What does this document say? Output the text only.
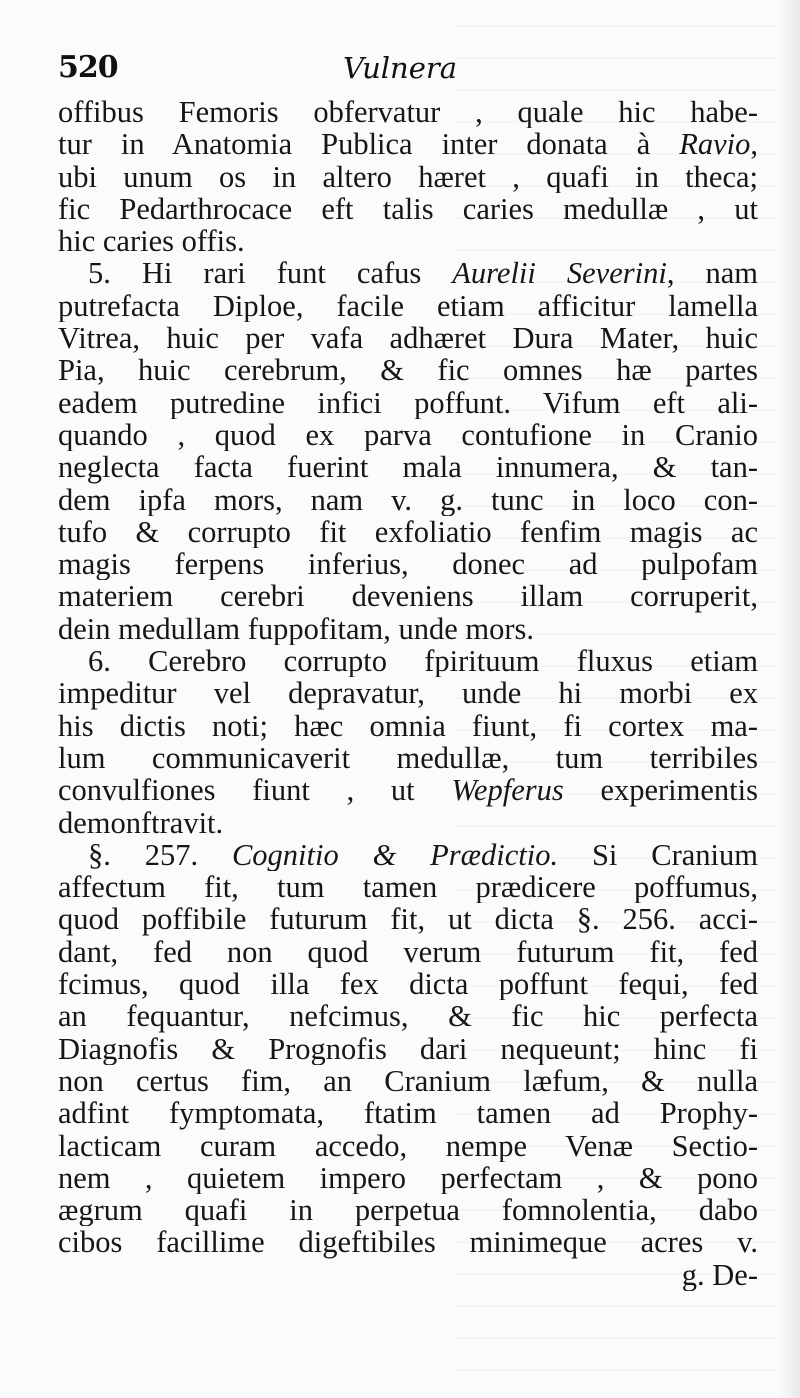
520	Vulnera
offibus Femoris obfervatur , quale hic habe-
tur in Anatomia Publica inter donata à Ravio,
ubi unum os in altero hæret , quafi in theca;
fic Pedarthrocace eft talis caries medullæ , ut
hic caries offis.
5. Hi rari funt cafus Aurelii Severini, nam
putrefacta Diploe, facile etiam afficitur lamella
Vitrea, huic per vafa adhæret Dura Mater, huic
Pia, huic cerebrum, & fic omnes hæ partes
eadem putredine infici poffunt. Vifum eft ali-
quando , quod ex parva contufione in Cranio
neglecta facta fuerint mala innumera, & tan-
dem ipfa mors, nam v. g. tunc in loco con-
tufo & corrupto fit exfoliatio fenfim magis ac
magis ferpens inferius, donec ad pulpofam
materiem cerebri deveniens illam corruperit,
dein medullam fuppofitam, unde mors.
6. Cerebro corrupto fpirituum fluxus etiam
impeditur vel depravatur, unde hi morbi ex
his dictis noti; hæc omnia fiunt, fi cortex ma-
lum communicaverit medullæ, tum terribiles
convulfiones fiunt , ut Wepferus experimentis
demonftravit.
§. 257. Cognitio & Prædictio. Si Cranium
affectum fit, tum tamen prædicere poffumus,
quod poffibile futurum fit, ut dicta §. 256. acci-
dant, fed non quod verum futurum fit, fed
fcimus, quod illa fex dicta poffunt fequi, fed
an fequantur, nefcimus, & fic hic perfecta
Diagnofis & Prognofis dari nequeunt; hinc fi
non certus fim, an Cranium læfum, & nulla
adfint fymptomata, ftatim tamen ad Prophy-
lacticam curam accedo, nempe Venæ Sectio-
nem , quietem impero perfectam , & pono
ægrum quafi in perpetua fomnolentia, dabo
cibos facillime digeftibiles minimeque acres v.
g. De-
